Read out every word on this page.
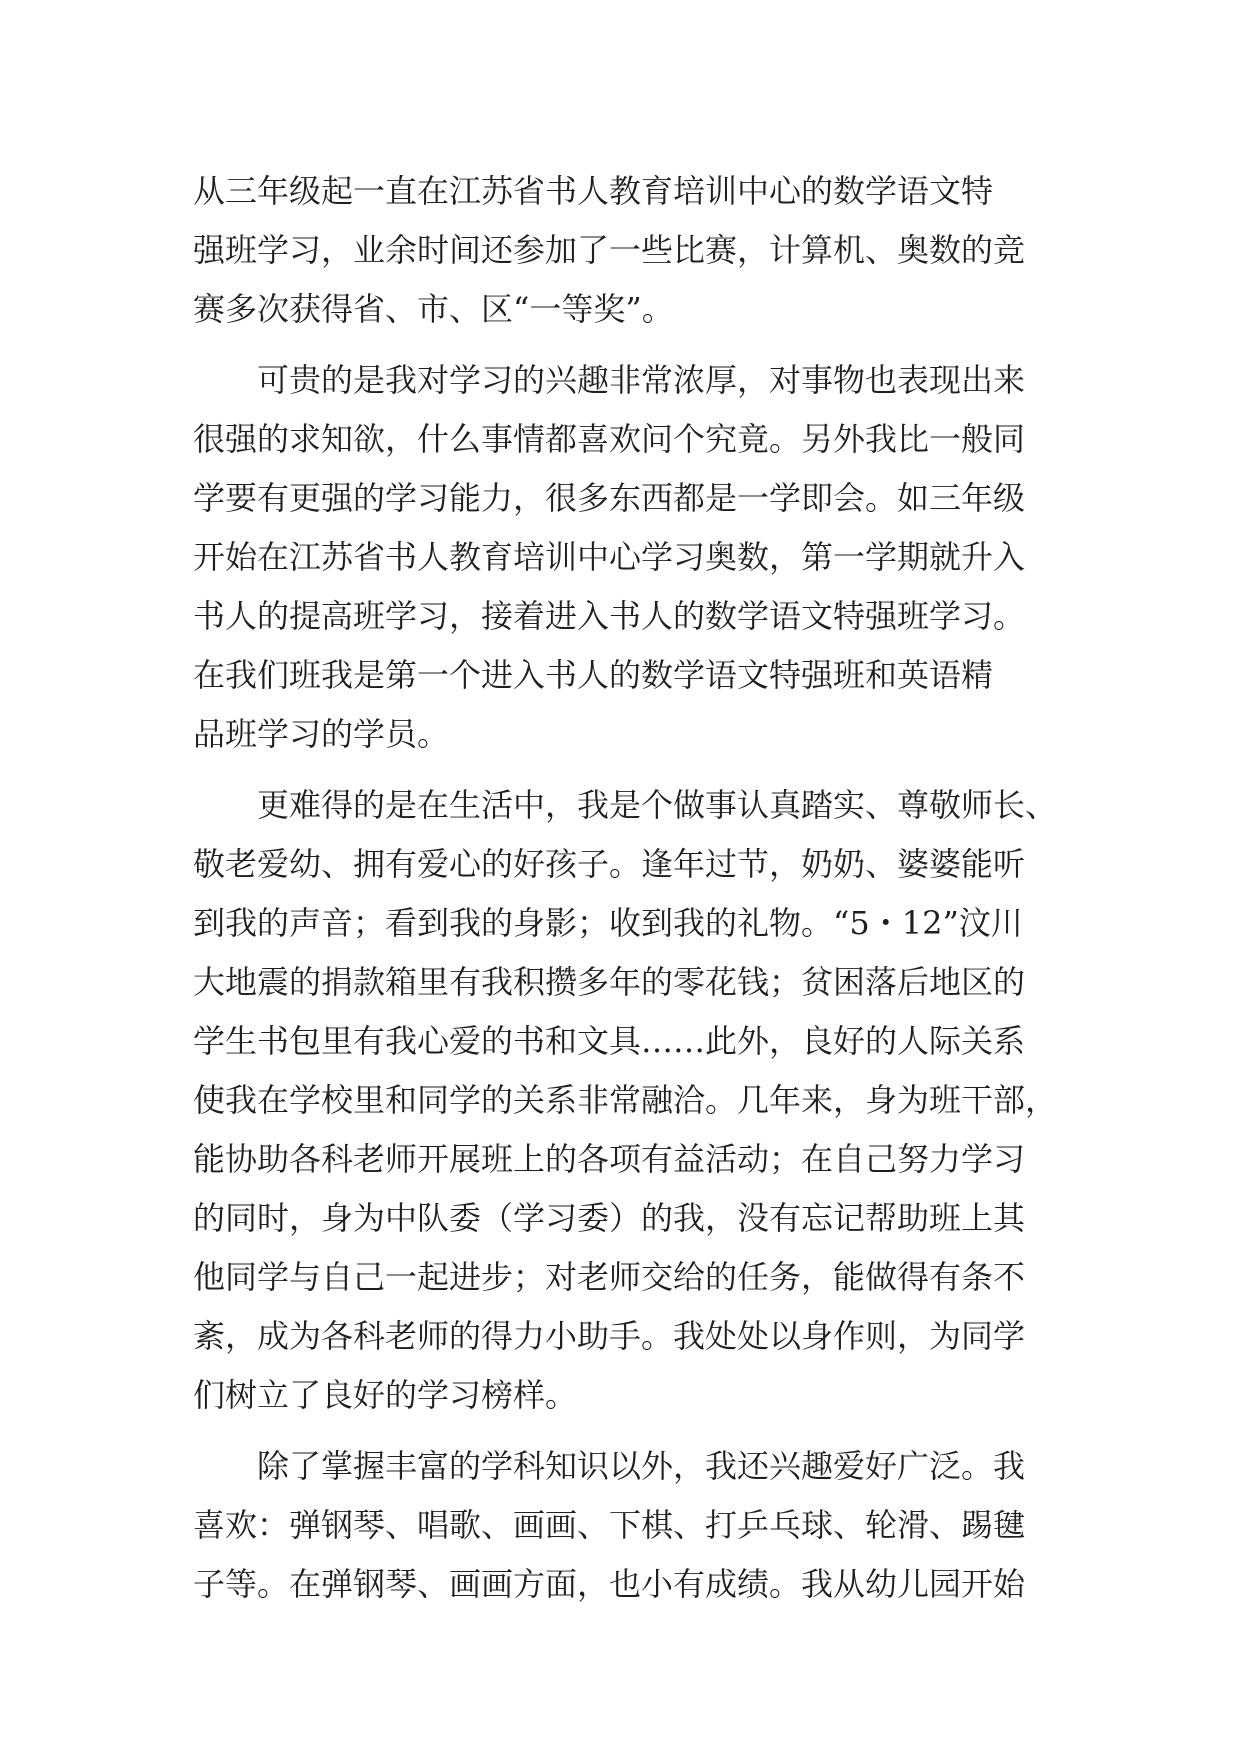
从三年级起一直在江苏省书人教育培训中心的数学语文特
强班学习，业余时间还参加了一些比赛，计算机、奥数的竞
赛多次获得省、市、区“一等奖”。
　　可贵的是我对学习的兴趣非常浓厚，对事物也表现出来
很强的求知欲，什么事情都喜欢问个究竟。另外我比一般同
学要有更强的学习能力，很多东西都是一学即会。如三年级
开始在江苏省书人教育培训中心学习奥数，第一学期就升入
书人的提高班学习，接着进入书人的数学语文特强班学习。
在我们班我是第一个进入书人的数学语文特强班和英语精
品班学习的学员。
　　更难得的是在生活中，我是个做事认真踏实、尊敬师长、
敬老爱幼、拥有爱心的好孩子。逢年过节，奶奶、婆婆能听
到我的声音；看到我的身影；收到我的礼物。“5・12”汶川
大地震的捐款箱里有我积攒多年的零花钱；贫困落后地区的
学生书包里有我心爱的书和文具……此外，良好的人际关系
使我在学校里和同学的关系非常融洽。几年来，身为班干部，
能协助各科老师开展班上的各项有益活动；在自己努力学习
的同时，身为中队委（学习委）的我，没有忘记帮助班上其
他同学与自己一起进步；对老师交给的任务，能做得有条不
紊，成为各科老师的得力小助手。我处处以身作则，为同学
们树立了良好的学习榜样。
　　除了掌握丰富的学科知识以外，我还兴趣爱好广泛。我
喜欢：弹钢琴、唱歌、画画、下棋、打乒乓球、轮滑、踢毽
子等。在弹钢琴、画画方面，也小有成绩。我从幼儿园开始
